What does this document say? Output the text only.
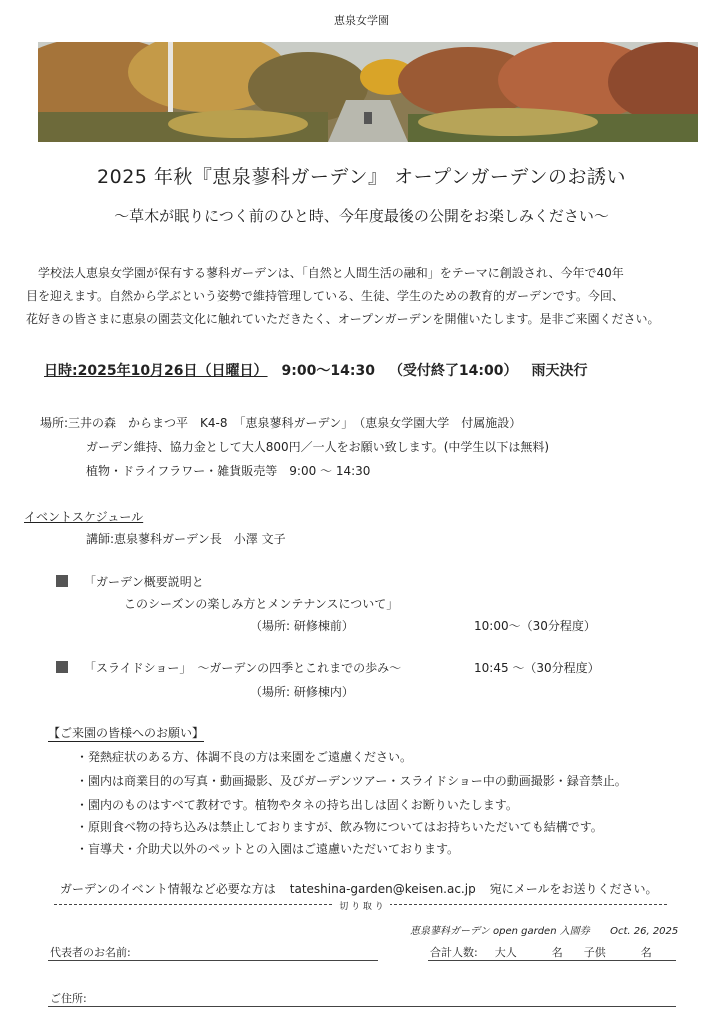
恵泉女学園
2025 年秋『恵泉蓼科ガーデン』 オープンガーデンのお誘い
～草木が眠りにつく前のひと時、今年度最後の公開をお楽しみください～
学校法人恵泉女学園が保有する蓼科ガーデンは、「自然と人間生活の融和」をテーマに創設され、今年で40年
目を迎えます。自然から学ぶという姿勢で維持管理している、生徒、学生のための教育的ガーデンです。今回、
花好きの皆さまに恵泉の園芸文化に触れていただきたく、オープンガーデンを開催いたします。是非ご来園ください。
日時:2025年10月26日（日曜日） 9:00～14:30 （受付終了14:00） 雨天決行
場所:三井の森　からまつ平　K4-8　「恵泉蓼科ガーデン」　（恵泉女学園大学　付属施設）
ガーデン維持、協力金として大人800円／一人をお願い致します。(中学生以下は無料)
植物・ドライフラワー・雑貨販売等　9:00 ～ 14:30
イベントスケジュール
講師:恵泉蓼科ガーデン長　小澤 文子
「ガーデン概要説明と
このシーズンの楽しみ方とメンテナンスについて」
（場所: 研修棟前）	10:00～（30分程度）
「スライドショー」　～ガーデンの四季とこれまでの歩み～	10:45 ～（30分程度）
（場所: 研修棟内）
【ご来園の皆様へのお願い】
・発熱症状のある方、体調不良の方は来園をご遠慮ください。
・園内は商業目的の写真・動画撮影、及びガーデンツアー・スライドショー中の動画撮影・録音禁止。
・園内のものはすべて教材です。植物やタネの持ち出しは固くお断りいたします。
・原則食べ物の持ち込みは禁止しておりますが、飲み物についてはお持ちいただいても結構です。
・盲導犬・介助犬以外のペットとの入園はご遠慮いただいております。
ガーデンのイベント情報など必要な方は tateshina-garden@keisen.ac.jp 宛にメールをお送りください。
切 り 取 り
恵泉蓼科ガーデン open garden 入園券 Oct. 26, 2025
代表者のお名前:	合計人数: 大人	名 子供	名
ご住所:
